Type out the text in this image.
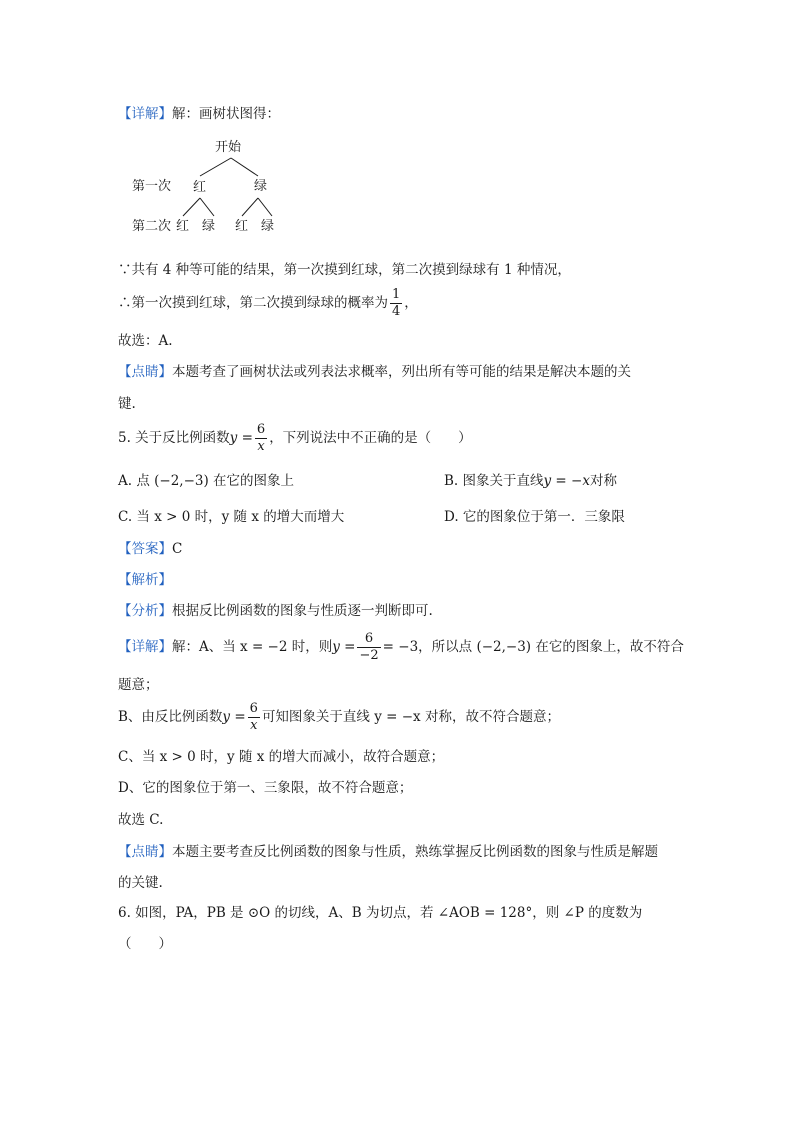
【详解】解：画树状图得：
开始
第一次 红	绿
第二次 红 绿 红 绿
∵共有 4 种等可能的结果，第一次摸到红球，第二次摸到绿球有 1 种情况，
∴第一次摸到红球，第二次摸到绿球的概率为 $\frac{1}{4}$ ，
故选：A.
【点睛】本题考查了画树状法或列表法求概率，列出所有等可能的结果是解决本题的关
键.
5. 关于反比例函数$y = \frac{6}{x}$ ，下列说法中不正确的是（　　）
A. 点 (−2,−3) 在它的图象上	B. 图象关于直线y = −x对称
C. 当 x > 0 时，y 随 x 的增大而增大	D. 它的图象位于第一．三象限
【答案】C
【解析】
【分析】根据反比例函数的图象与性质逐一判断即可.
【详解】解：A、当 x = −2 时，则$y = \frac{6}{-2} = -3$，所以点 (−2,−3) 在它的图象上，故不符合
题意；
B、由反比例函数$y = \frac{6}{x}$ 可知图象关于直线 y = −x 对称，故不符合题意；
C、当 x > 0 时，y 随 x 的增大而减小，故符合题意；
D、它的图象位于第一、三象限，故不符合题意；
故选 C.
【点睛】本题主要考查反比例函数的图象与性质，熟练掌握反比例函数的图象与性质是解题
的关键.
6. 如图，PA，PB 是 ⊙O 的切线，A、B 为切点，若 ∠AOB = 128°，则 ∠P 的度数为
（　　）
